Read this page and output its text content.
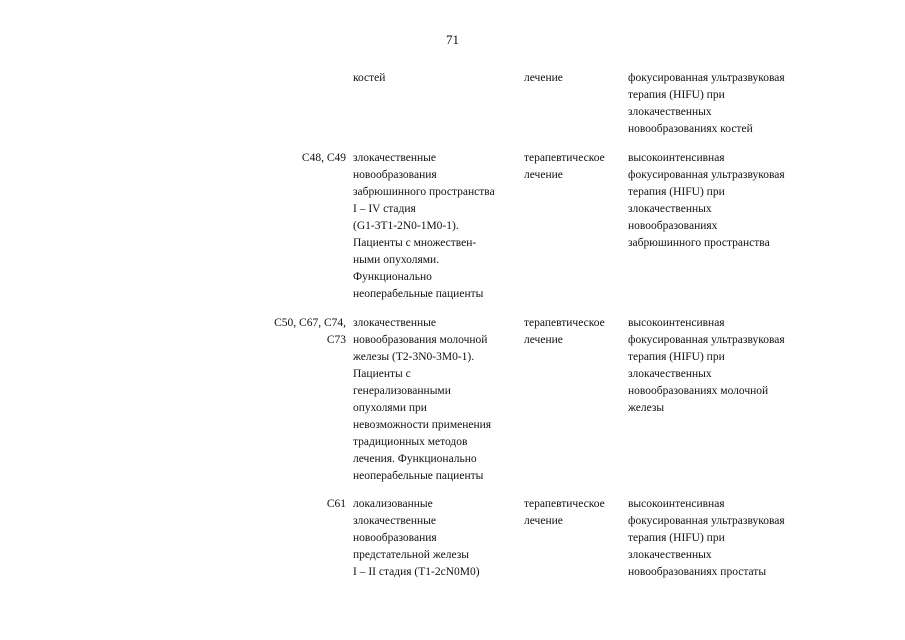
71
костей	лечение	фокусированная ультразвуковая
терапия (HIFU) при
злокачественных
новообразованиях костей
C48, C49 злокачественные
новообразования
забрюшинного пространства
I – IV стадия
(G1-3T1-2N0-1M0-1).
Пациенты с множествен-
ными опухолями.
Функционально
неоперабельные пациенты
терапевтическое
лечение
высокоинтенсивная
фокусированная ультразвуковая
терапия (HIFU) при
злокачественных
новообразованиях
забрюшинного пространства
C50, C67, C74,
C73
злокачественные
новообразования молочной
железы (T2-3N0-3M0-1).
Пациенты с
генерализованными
опухолями при
невозможности применения
традиционных методов
лечения. Функционально
неоперабельные пациенты
терапевтическое
лечение
высокоинтенсивная
фокусированная ультразвуковая
терапия (HIFU) при
злокачественных
новообразованиях молочной
железы
C61 локализованные
злокачественные
новообразования
предстательной железы
I – II стадия (T1-2cN0M0)
терапевтическое
лечение
высокоинтенсивная
фокусированная ультразвуковая
терапия (HIFU) при
злокачественных
новообразованиях простаты
